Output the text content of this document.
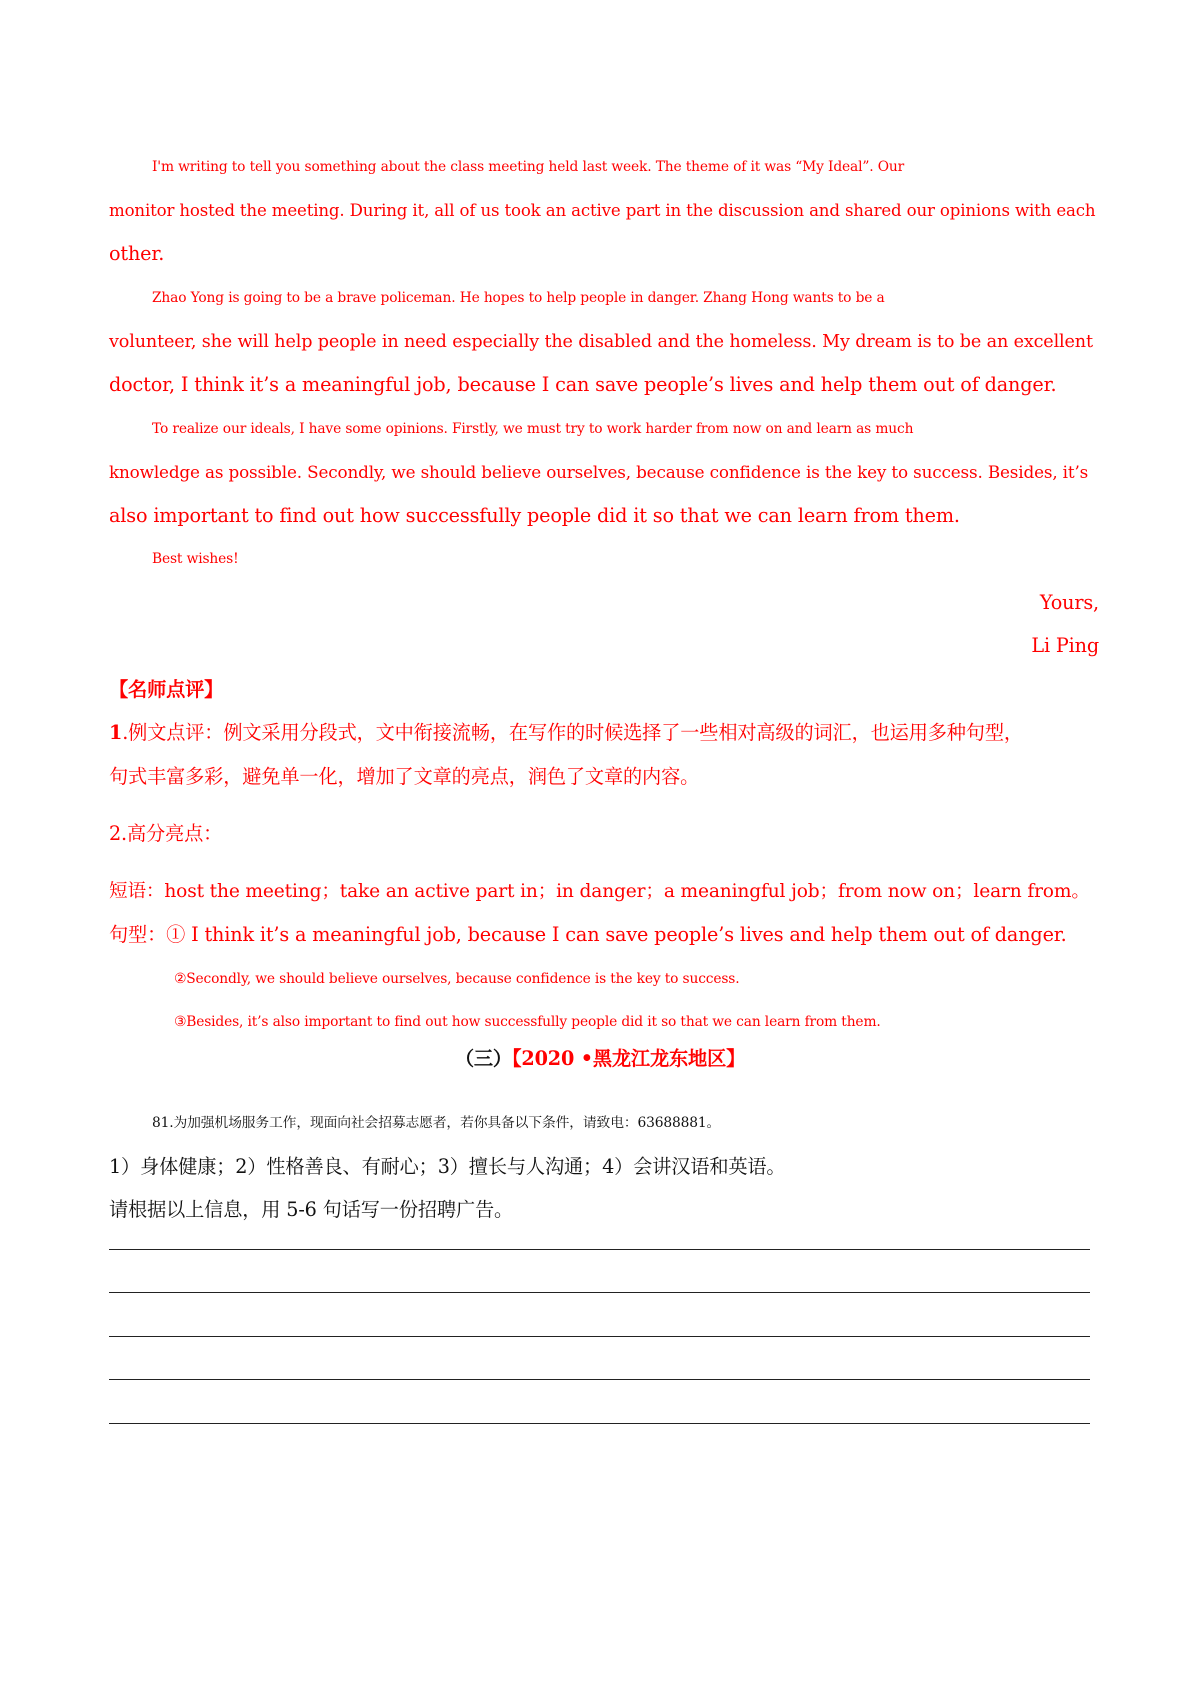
I'm writing to tell you something about the class meeting held last week. The theme of it was “My Ideal”. Our
monitor hosted the meeting. During it, all of us took an active part in the discussion and shared our opinions with each
other.
Zhao Yong is going to be a brave policeman. He hopes to help people in danger. Zhang Hong wants to be a
volunteer, she will help people in need especially the disabled and the homeless. My dream is to be an excellent
doctor, I think it’s a meaningful job, because I can save people’s lives and help them out of danger.
To realize our ideals, I have some opinions. Firstly, we must try to work harder from now on and learn as much
knowledge as possible. Secondly, we should believe ourselves, because confidence is the key to success. Besides, it’s
also important to find out how successfully people did it so that we can learn from them.
Best wishes!
Yours,
Li Ping
【名师点评】
1.例文点评：例文采用分段式，文中衔接流畅，在写作的时候选择了一些相对高级的词汇，也运用多种句型，
句式丰富多彩，避免单一化，增加了文章的亮点，润色了文章的内容。
2.高分亮点：
短语：host the meeting；take an active part in；in danger；a meaningful job；from now on；learn from。
句型：① I think it’s a meaningful job, because I can save people’s lives and help them out of danger.
②Secondly, we should believe ourselves, because confidence is the key to success.
③Besides, it’s also important to find out how successfully people did it so that we can learn from them.
（三）【2020 •黑龙江龙东地区】
81.为加强机场服务工作，现面向社会招募志愿者，若你具备以下条件，请致电：63688881。
1）身体健康；2）性格善良、有耐心；3）擅长与人沟通；4）会讲汉语和英语。
请根据以上信息，用 5-6 句话写一份招聘广告。
